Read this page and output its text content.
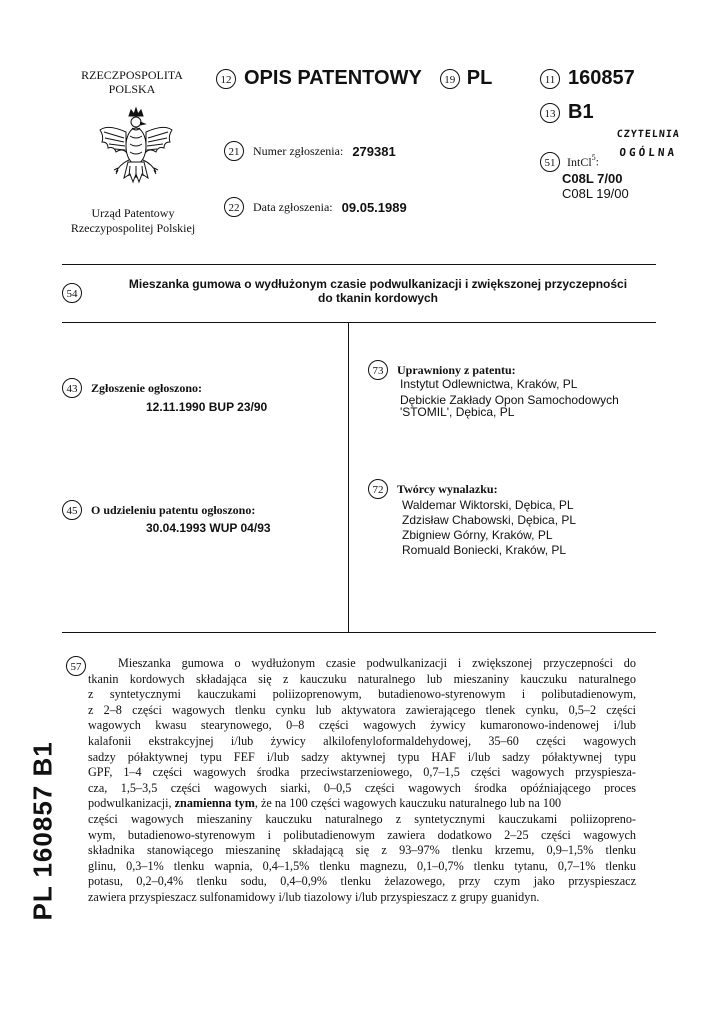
RZECZPOSPOLITA
POLSKA
Urząd Patentowy
Rzeczypospolitej Polskiej
12 OPIS PATENTOWY 19 PL	11 160857
13 B1
CZYTELNIA
OGÓLNA
21 Numer zgłoszenia: 279381
22 Data zgłoszenia: 09.05.1989
51 IntCl$^5$:
C08L 7/00
C08L 19/00
54
Mieszanka gumowa o wydłużonym czasie podwulkanizacji i zwiększonej przyczepności
do tkanin kordowych
43 Zgłoszenie ogłoszono:
12.11.1990 BUP 23/90
45 O udzieleniu patentu ogłoszono:
30.04.1993 WUP 04/93
73 Uprawniony z patentu:
Instytut Odlewnictwa, Kraków, PL
Dębickie Zakłady Opon Samochodowych
'STOMIL', Dębica, PL
72 Twórcy wynalazku:
Waldemar Wiktorski, Dębica, PL
Zdzisław Chabowski, Dębica, PL
Zbigniew Górny, Kraków, PL
Romuald Boniecki, Kraków, PL
57	Mieszanka gumowa o wydłużonym czasie podwulkanizacji i zwiększonej przyczepności do
tkanin kordowych składająca się z kauczuku naturalnego lub mieszaniny kauczuku naturalnego
z syntetycznymi kauczukami poliizoprenowym, butadienowo-styrenowym i polibutadienowym,
z 2–8 części wagowych tlenku cynku lub aktywatora zawierającego tlenek cynku, 0,5–2 części
wagowych kwasu stearynowego, 0–8 części wagowych żywicy kumaronowo-indenowej i/lub
kalafonii ekstrakcyjnej i/lub żywicy alkilofenyloformaldehydowej, 35–60 części wagowych
sadzy półaktywnej typu FEF i/lub sadzy aktywnej typu HAF i/lub sadzy półaktywnej typu
GPF, 1–4 części wagowych środka przeciwstarzeniowego, 0,7–1,5 części wagowych przyspiesza-
cza, 1,5–3,5 części wagowych siarki, 0–0,5 części wagowych środka opóźniającego proces
podwulkanizacji, znamienna tym, że na 100 części wagowych kauczuku naturalnego lub na 100
części wagowych mieszaniny kauczuku naturalnego z syntetycznymi kauczukami poliizopreno-
wym, butadienowo-styrenowym i polibutadienowym zawiera dodatkowo 2–25 części wagowych
składnika stanowiącego mieszaninę składającą się z 93–97% tlenku krzemu, 0,9–1,5% tlenku
glinu, 0,3–1% tlenku wapnia, 0,4–1,5% tlenku magnezu, 0,1–0,7% tlenku tytanu, 0,7–1% tlenku
potasu, 0,2–0,4% tlenku sodu, 0,4–0,9% tlenku żelazowego, przy czym jako przyspieszacz
zawiera przyspieszacz sulfonamidowy i/lub tiazolowy i/lub przyspieszacz z grupy guanidyn.
PL 160857 B1
